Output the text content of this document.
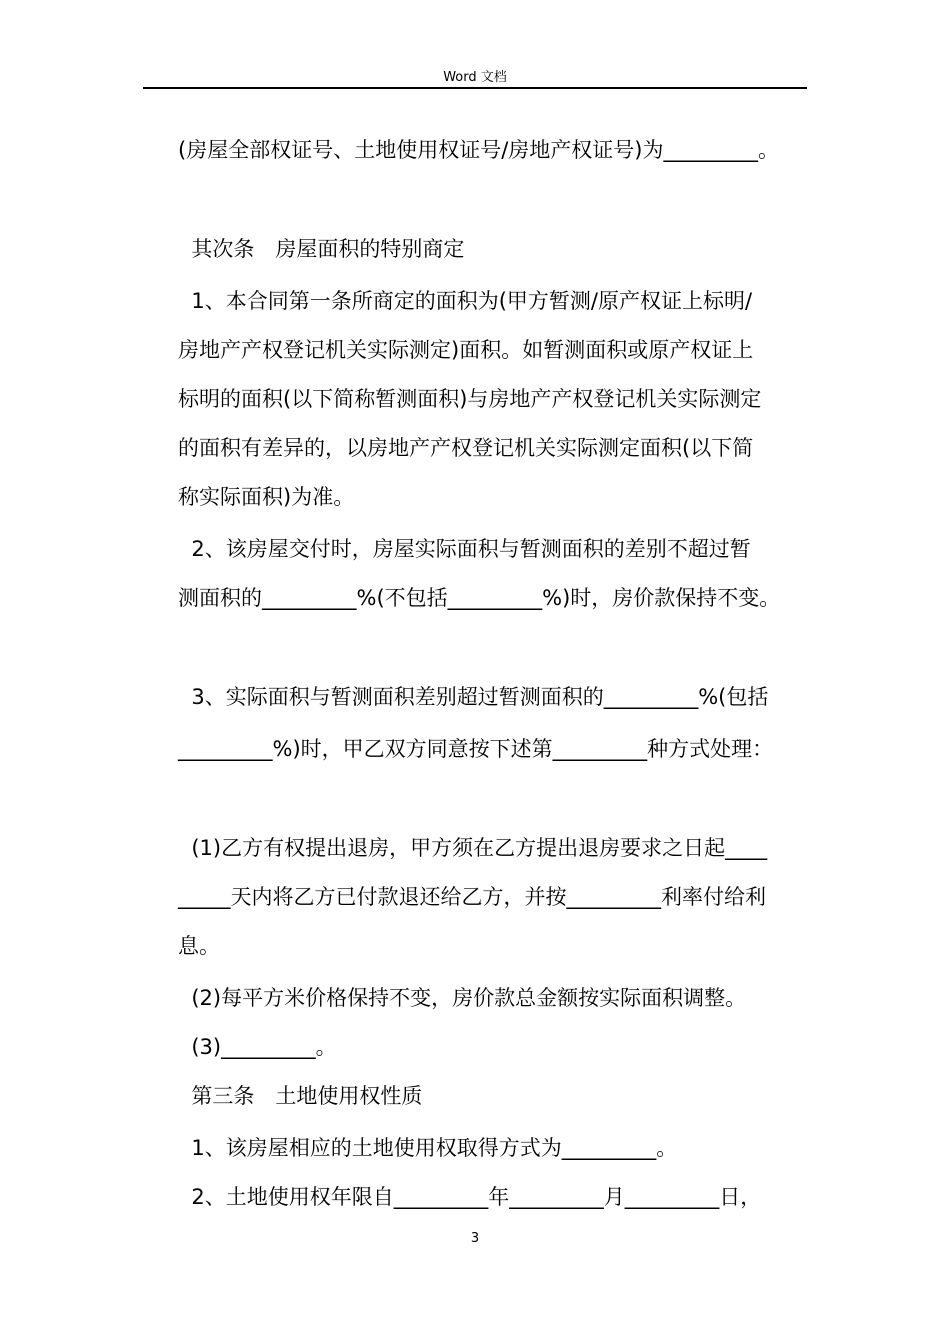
Word 文档

(房屋全部权证号、土地使用权证号/房地产权证号)为_________。

其次条　房屋面积的特别商定

1、本合同第一条所商定的面积为(甲方暂测/原产权证上标明/

房地产产权登记机关实际测定)面积。如暂测面积或原产权证上

标明的面积(以下简称暂测面积)与房地产产权登记机关实际测定

的面积有差异的，以房地产产权登记机关实际测定面积(以下简

称实际面积)为准。

2、该房屋交付时，房屋实际面积与暂测面积的差别不超过暂

测面积的_________%(不包括_________%)时，房价款保持不变。

3、实际面积与暂测面积差别超过暂测面积的_________%(包括

_________%)时，甲乙双方同意按下述第_________种方式处理：

(1)乙方有权提出退房，甲方须在乙方提出退房要求之日起____

_____天内将乙方已付款退还给乙方，并按_________利率付给利

息。

(2)每平方米价格保持不变，房价款总金额按实际面积调整。

(3)_________。

第三条　土地使用权性质

1、该房屋相应的土地使用权取得方式为_________。

2、土地使用权年限自_________年_________月_________日，

3
